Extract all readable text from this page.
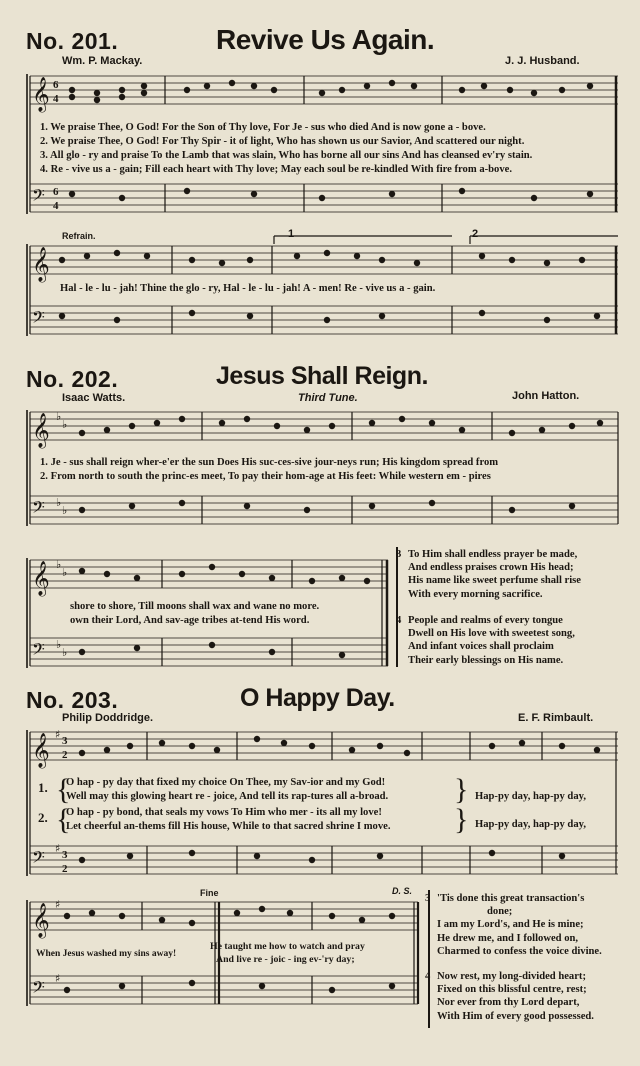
No. 201.	Revive Us Again.
Wm. P. Mackay.	J. J. Husband.
𝄞
𝄢
6
4
6
4
1. We praise Thee, O God! For the Son of Thy love, For Je - sus who died And is now gone a - bove.
2. We praise Thee, O God! For Thy Spir - it of light, Who has shown us our Savior, And scattered our night.
3. All glo - ry and praise To the Lamb that was slain, Who has borne all our sins And has cleansed ev'ry stain.
4. Re - vive us a - gain; Fill each heart with Thy love; May each soul be re-kindled With fire from a-bove.
Refrain.	1	2
𝄞
𝄢
Hal - le - lu - jah! Thine the glo - ry, Hal - le - lu - jah! A - men! Re - vive us a - gain.
No. 202.	Jesus Shall Reign.
Isaac Watts.	Third Tune.	John Hatton.
𝄞
𝄢
♭
♭
♭
♭
1. Je - sus shall reign wher-e'er the sun Does His suc-ces-sive jour-neys run; His kingdom spread from
2. From north to south the princ-es meet, To pay their hom-age at His feet: While western em - pires
𝄞
𝄢
♭
♭
♭
♭
shore to shore, Till moons shall wax and wane no more.
own their Lord, And sav-age tribes at-tend His word.
3 To Him shall endless prayer be made,
And endless praises crown His head;
His name like sweet perfume shall rise
With every morning sacrifice.
4 People and realms of every tongue
Dwell on His love with sweetest song,
And infant voices shall proclaim
Their early blessings on His name.
No. 203.	O Happy Day.
Philip Doddridge.	E. F. Rimbault.
𝄞
𝄢
♯ 3
2
♯ 3
2
1. {
O hap - py day that fixed my choice On Thee, my Sav-ior and my God!
Well may this glowing heart re - joice, And tell its rap-tures all a-broad. } Hap-py day, hap-py day,
2. {
O hap - py bond, that seals my vows To Him who mer - its all my love!
Let cheerful an-thems fill His house, While to that sacred shrine I move. } Hap-py day, hap-py day,
Fine	D. S.
𝄞
𝄢
♯
♯
When Jesus washed my sins away!
He taught me how to watch and pray
And live re - joic - ing ev-'ry day;
3 'Tis done this great transaction's
done;
I am my Lord's, and He is mine;
He drew me, and I followed on,
Charmed to confess the voice divine.
4 Now rest, my long-divided heart;
Fixed on this blissful centre, rest;
Nor ever from thy Lord depart,
With Him of every good possessed.
